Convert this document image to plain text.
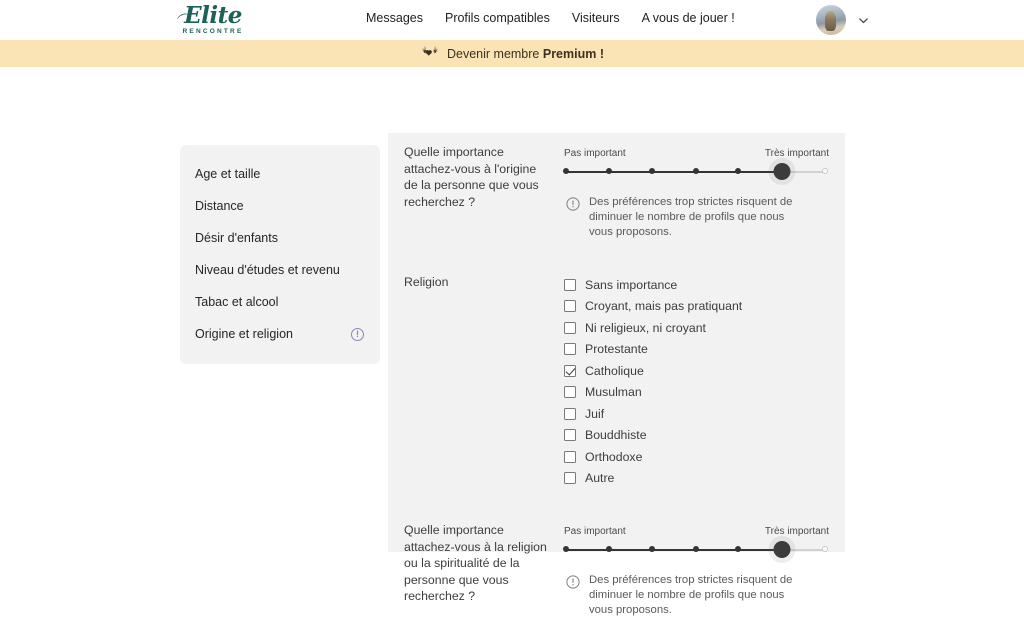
Elite
RENCONTRE
Messages Profils compatibles Visiteurs A vous de jouer !
Devenir membre Premium !
Age et taille
Distance
Désir d'enfants
Niveau d'études et revenu
Tabac et alcool
Origine et religion	!
Quelle importance attachez-vous à l'origine de la personne que vous recherchez ?
Pas important	Très important
Des préférences trop strictes risquent de diminuer le nombre de profils que nous vous proposons.
Religion	Sans importance
Croyant, mais pas pratiquant
Ni religieux, ni croyant
Protestante
Catholique
Musulman
Juif
Bouddhiste
Orthodoxe
Autre
Quelle importance attachez-vous à la religion ou la spiritualité de la personne que vous recherchez ?
Pas important	Très important
Des préférences trop strictes risquent de diminuer le nombre de profils que nous vous proposons.
